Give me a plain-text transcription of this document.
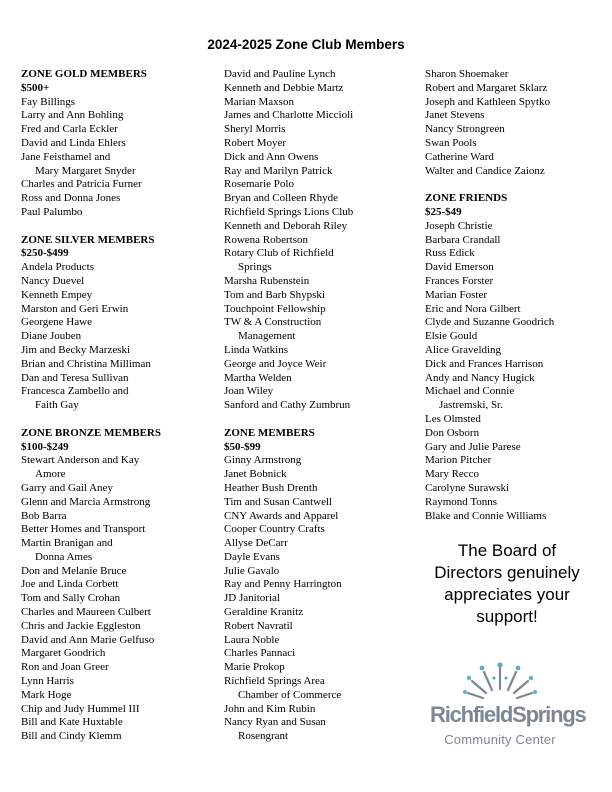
2024-2025 Zone Club Members
ZONE GOLD MEMBERS
$500+
Fay Billings
Larry and Ann Bohling
Fred and Carla Eckler
David and Linda Ehlers
Jane Feisthamel and
Mary Margaret Snyder
Charles and Patricia Furner
Ross and Donna Jones
Paul Palumbo
ZONE SILVER MEMBERS
$250-$499
Andela Products
Nancy Duevel
Kenneth Empey
Marston and Geri Erwin
Georgene Hawe
Diane Jouben
Jim and Becky Marzeski
Brian and Christina Milliman
Dan and Teresa Sullivan
Francesca Zambello and
Faith Gay
ZONE BRONZE MEMBERS
$100-$249
Stewart Anderson and Kay
Amore
Garry and Gail Aney
Glenn and Marcia Armstrong
Bob Barra
Better Homes and Transport
Martin Branigan and
Donna Ames
Don and Melanie Bruce
Joe and Linda Corbett
Tom and Sally Crohan
Charles and Maureen Culbert
Chris and Jackie Eggleston
David and Ann Marie Gelfuso
Margaret Goodrich
Ron and Joan Greer
Lynn Harris
Mark Hoge
Chip and Judy Hummel III
Bill and Kate Huxtable
Bill and Cindy Klemm
David and Pauline Lynch
Kenneth and Debbie Martz
Marian Maxson
James and Charlotte Miccioli
Sheryl Morris
Robert Moyer
Dick and Ann Owens
Ray and Marilyn Patrick
Rosemarie Polo
Bryan and Colleen Rhyde
Richfield Springs Lions Club
Kenneth and Deborah Riley
Rowena Robertson
Rotary Club of Richfield
Springs
Marsha Rubenstein
Tom and Barb Shypski
Touchpoint Fellowship
TW & A Construction
Management
Linda Watkins
George and Joyce Weir
Martha Welden
Joan Wiley
Sanford and Cathy Zumbrun
ZONE MEMBERS
$50-$99
Ginny Armstrong
Janet Bobnick
Heather Bush Drenth
Tim and Susan Cantwell
CNY Awards and Apparel
Cooper Country Crafts
Allyse DeCarr
Dayle Evans
Julie Gavalo
Ray and Penny Harrington
JD Janitorial
Geraldine Kranitz
Robert Navratil
Laura Noble
Charles Pannaci
Marie Prokop
Richfield Springs Area
Chamber of Commerce
John and Kim Rubin
Nancy Ryan and Susan
Rosengrant
Sharon Shoemaker
Robert and Margaret Sklarz
Joseph and Kathleen Spytko
Janet Stevens
Nancy Strongreen
Swan Pools
Catherine Ward
Walter and Candice Zaionz
ZONE FRIENDS
$25-$49
Joseph Christie
Barbara Crandall
Russ Edick
David Emerson
Frances Forster
Marian Foster
Eric and Nora Gilbert
Clyde and Suzanne Goodrich
Elsie Gould
Alice Gravelding
Dick and Frances Harrison
Andy and Nancy Hugick
Michael and Connie
Jastremski, Sr.
Les Olmsted
Don Osborn
Gary and Julie Parese
Marion Pitcher
Mary Recco
Carolyne Surawski
Raymond Tonns
Blake and Connie Williams
The Board of Directors genuinely appreciates your support!
RichfieldSprings
Community Center
